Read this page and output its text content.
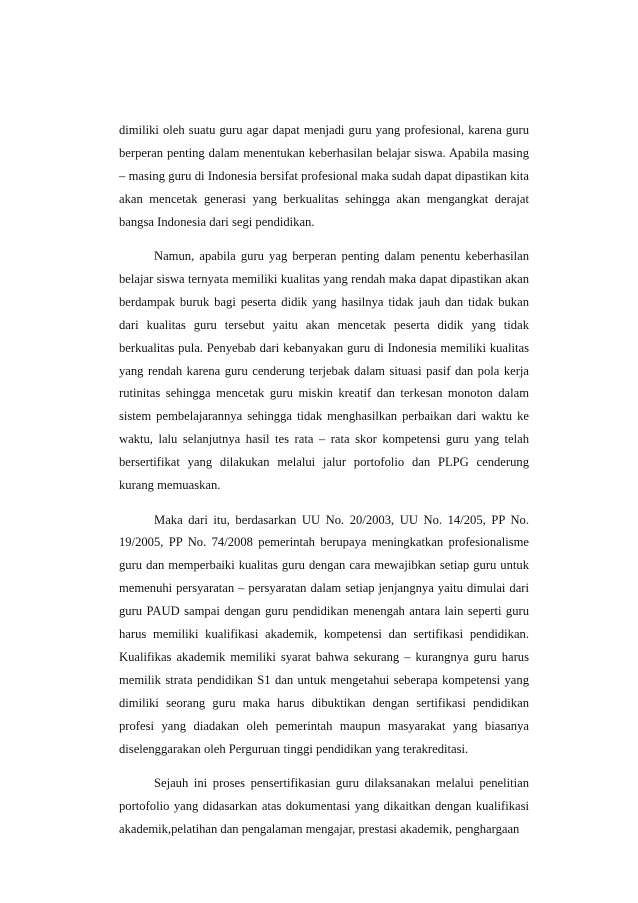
dimiliki oleh suatu guru agar dapat menjadi guru yang profesional, karena guru berperan penting dalam menentukan keberhasilan belajar siswa. Apabila masing – masing guru di Indonesia bersifat profesional maka sudah dapat dipastikan kita akan mencetak generasi yang berkualitas sehingga akan mengangkat derajat bangsa Indonesia dari segi pendidikan.

Namun, apabila guru yag berperan penting dalam penentu keberhasilan belajar siswa ternyata memiliki kualitas yang rendah maka dapat dipastikan akan berdampak buruk bagi peserta didik yang hasilnya tidak jauh dan tidak bukan dari kualitas guru tersebut yaitu akan mencetak peserta didik yang tidak berkualitas pula. Penyebab dari kebanyakan guru di Indonesia memiliki kualitas yang rendah karena guru cenderung terjebak dalam situasi pasif dan pola kerja rutinitas sehingga mencetak guru miskin kreatif dan terkesan monoton dalam sistem pembelajarannya sehingga tidak menghasilkan perbaikan dari waktu ke waktu, lalu selanjutnya hasil tes rata – rata skor kompetensi guru yang telah bersertifikat yang dilakukan melalui jalur portofolio dan PLPG cenderung kurang memuaskan.

Maka dari itu, berdasarkan UU No. 20/2003, UU No. 14/205, PP No. 19/2005, PP No. 74/2008 pemerintah berupaya meningkatkan profesionalisme guru dan memperbaiki kualitas guru dengan cara mewajibkan setiap guru untuk memenuhi persyaratan – persyaratan dalam setiap jenjangnya yaitu dimulai dari guru PAUD sampai dengan guru pendidikan menengah antara lain seperti guru harus memiliki kualifikasi akademik, kompetensi dan sertifikasi pendidikan. Kualifikas akademik memiliki syarat bahwa sekurang – kurangnya guru harus memilik strata pendidikan S1 dan untuk mengetahui seberapa kompetensi yang dimiliki seorang guru maka harus dibuktikan dengan sertifikasi pendidikan profesi yang diadakan oleh pemerintah maupun masyarakat yang biasanya diselenggarakan oleh Perguruan tinggi pendidikan yang terakreditasi.

Sejauh ini proses pensertifikasian guru dilaksanakan melalui penelitian portofolio yang didasarkan atas dokumentasi yang dikaitkan dengan kualifikasi akademik,pelatihan dan pengalaman mengajar, prestasi akademik, penghargaan
